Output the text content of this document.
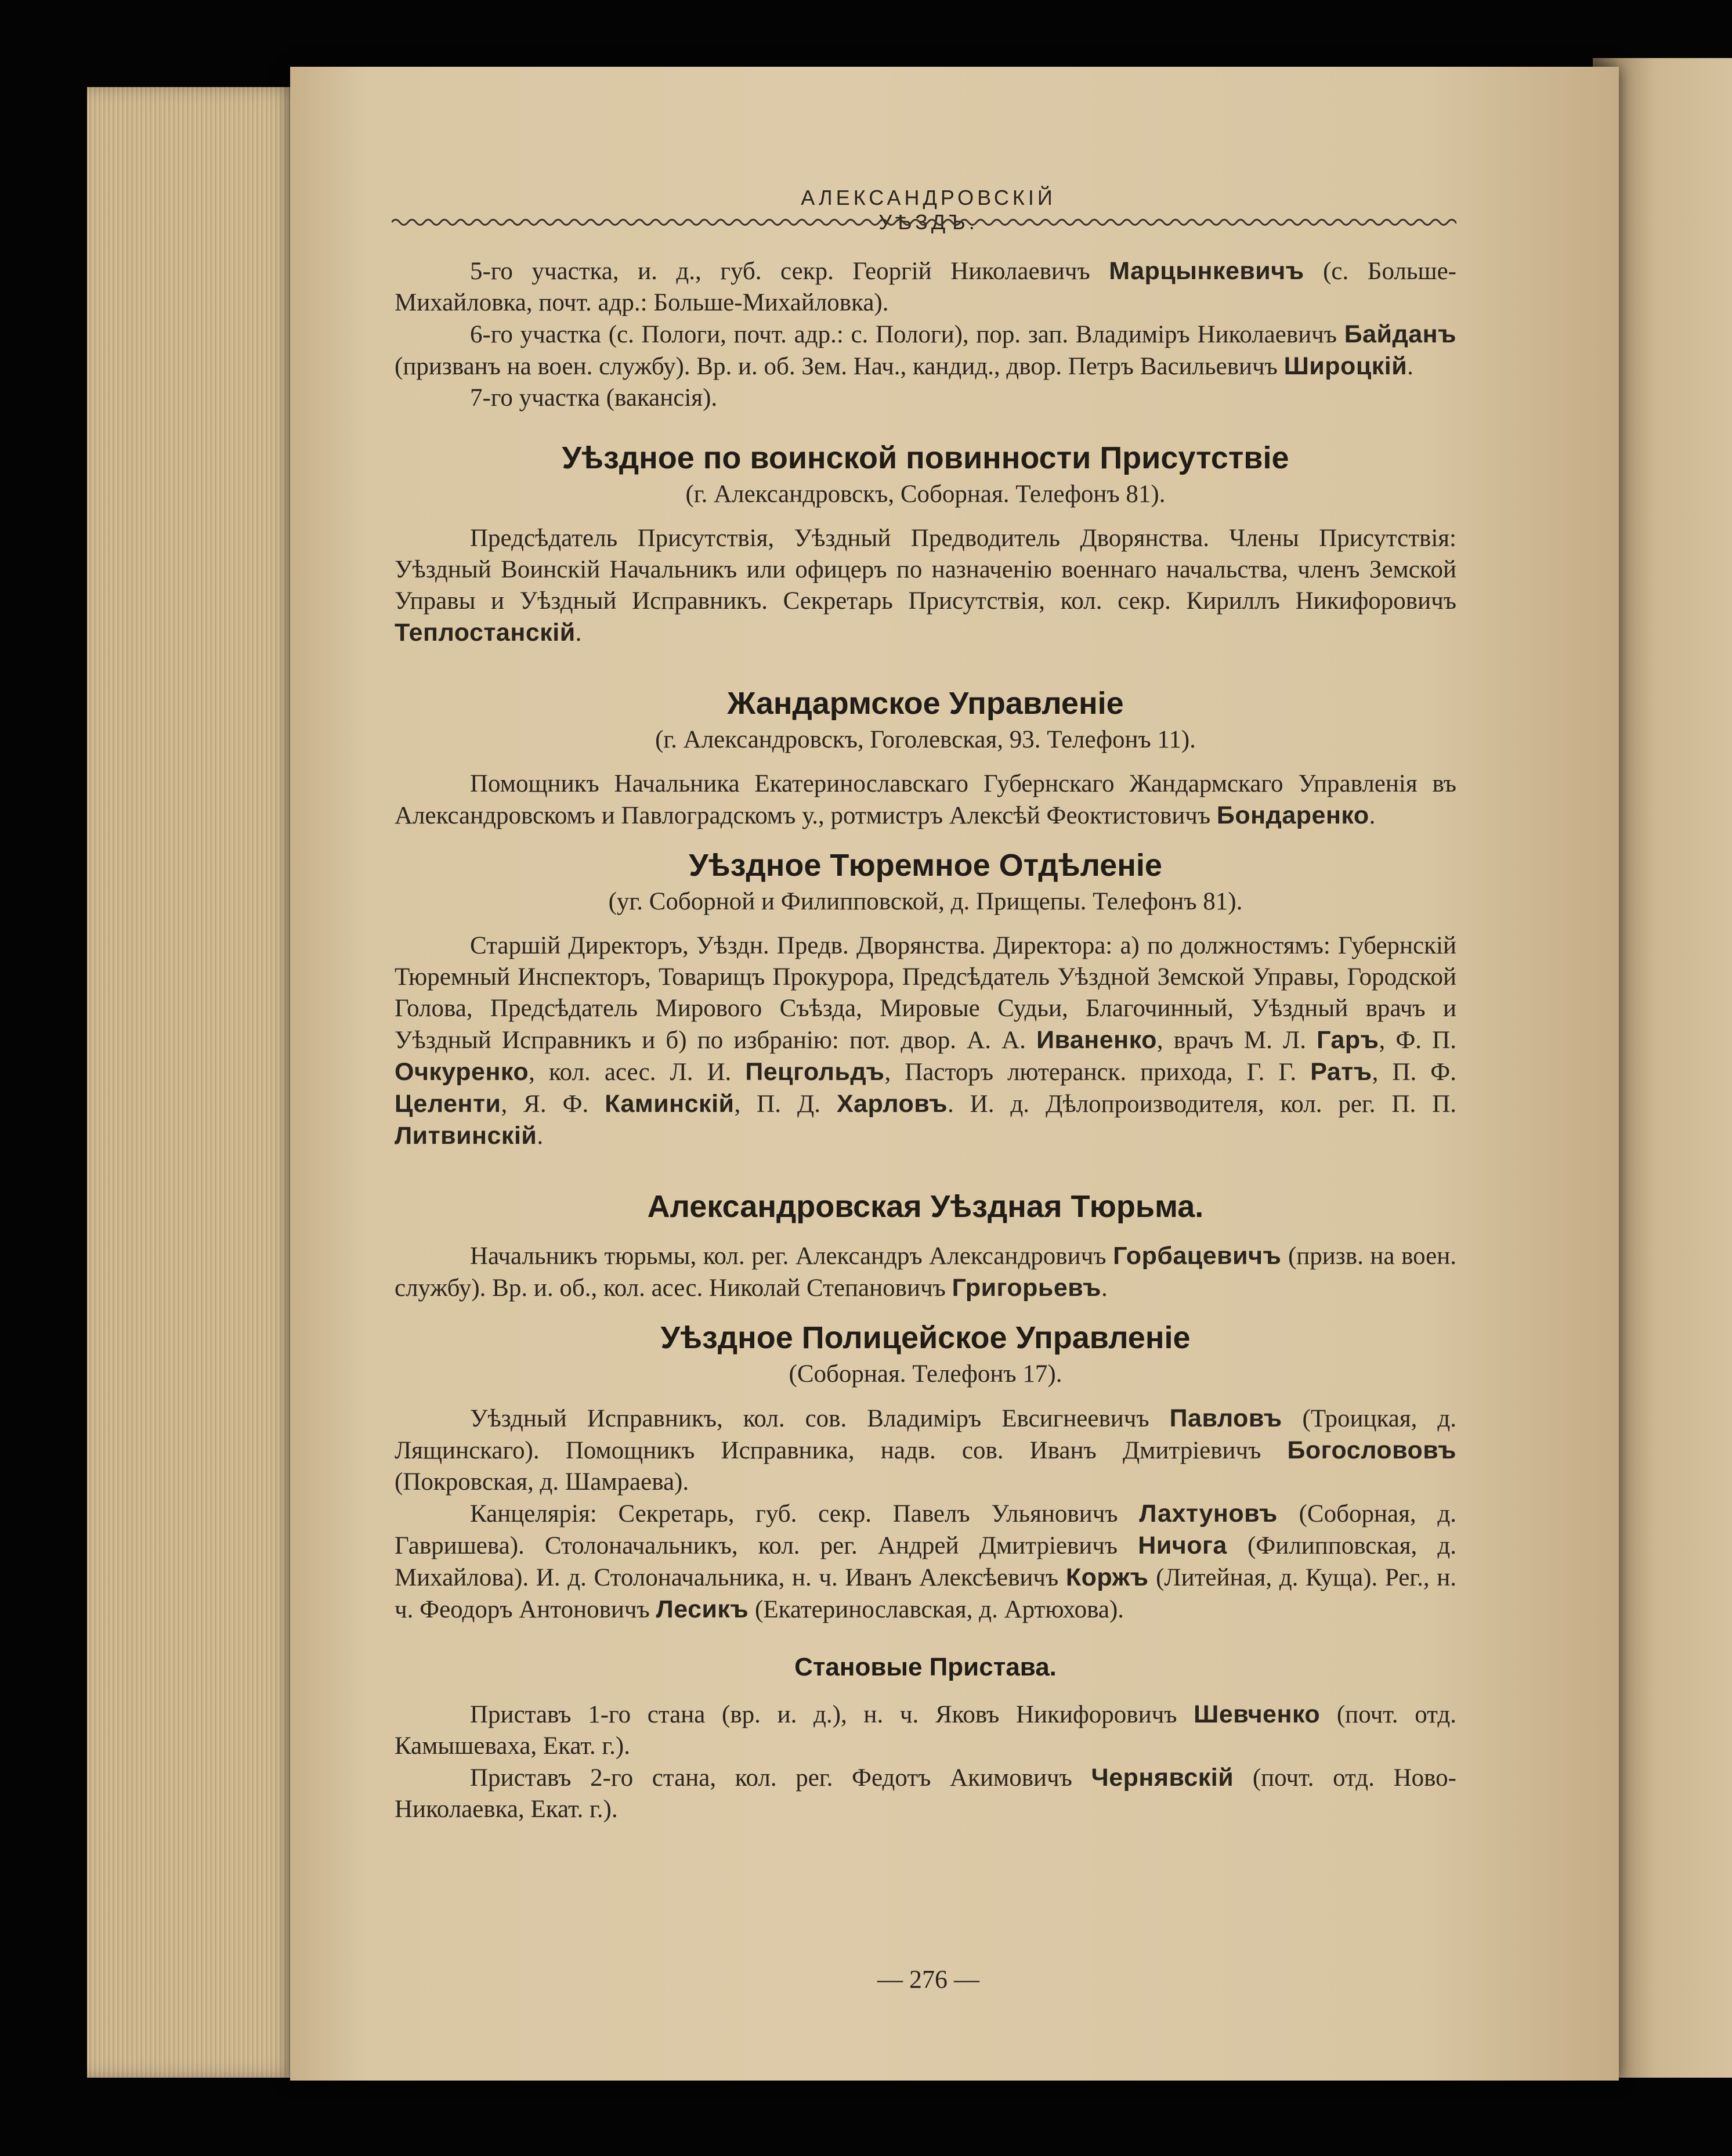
АЛЕКСАНДРОВСКІЙ УѢЗДЪ.

5-го участка, и. д., губ. секр. Георгій Николаевичъ Марцынкевичъ (с. Больше-Михайловка, почт. адр.: Больше-Михайловка).

6-го участка (с. Пологи, почт. адр.: с. Пологи), пор. зап. Владиміръ Николаевичъ Байданъ (призванъ на воен. службу). Вр. и. об. Зем. Нач., кандид., двор. Петръ Васильевичъ Широцкій.

7-го участка (вакансія).

Уѣздное по воинской повинности Присутствіе

(г. Александровскъ, Соборная. Телефонъ 81).

Предсѣдатель Присутствія, Уѣздный Предводитель Дворянства. Члены Присутствія: Уѣздный Воинскій Начальникъ или офицеръ по назначенію военнаго начальства, членъ Земской Управы и Уѣздный Исправникъ. Секретарь Присутствія, кол. секр. Кириллъ Никифоровичъ Теплостанскій.

Жандармское Управленіе

(г. Александровскъ, Гоголевская, 93. Телефонъ 11).

Помощникъ Начальника Екатеринославскаго Губернскаго Жандармскаго Управленія въ Александровскомъ и Павлоградскомъ у., ротмистръ Алексѣй Феоктистовичъ Бондаренко.

Уѣздное Тюремное Отдѣленіе

(уг. Соборной и Филипповской, д. Прищепы. Телефонъ 81).

Старшій Директоръ, Уѣздн. Предв. Дворянства. Директора: а) по должностямъ: Губернскій Тюремный Инспекторъ, Товарищъ Прокурора, Предсѣдатель Уѣздной Земской Управы, Городской Голова, Предсѣдатель Мирового Съѣзда, Мировые Судьи, Благочинный, Уѣздный врачъ и Уѣздный Исправникъ и б) по избранію: пот. двор. А. А. Иваненко, врачъ М. Л. Гаръ, Ф. П. Очкуренко, кол. асес. Л. И. Пецгольдъ, Пасторъ лютеранск. прихода, Г. Г. Ратъ, П. Ф. Целенти, Я. Ф. Каминскій, П. Д. Харловъ. И. д. Дѣлопроизводителя, кол. рег. П. П. Литвинскій.

Александровская Уѣздная Тюрьма.

Начальникъ тюрьмы, кол. рег. Александръ Александровичъ Горбацевичъ (призв. на воен. службу). Вр. и. об., кол. асес. Николай Степановичъ Григорьевъ.

Уѣздное Полицейское Управленіе

(Соборная. Телефонъ 17).

Уѣздный Исправникъ, кол. сов. Владиміръ Евсигнеевичъ Павловъ (Троицкая, д. Лящинскаго). Помощникъ Исправника, надв. сов. Иванъ Дмитріевичъ Богослововъ (Покровская, д. Шамраева).

Канцелярія: Секретарь, губ. секр. Павелъ Ульяновичъ Лахтуновъ (Соборная, д. Гавришева). Столоначальникъ, кол. рег. Андрей Дмитріевичъ Ничога (Филипповская, д. Михайлова). И. д. Столоначальника, н. ч. Иванъ Алексѣевичъ Коржъ (Литейная, д. Куща). Рег., н. ч. Феодоръ Антоновичъ Лесикъ (Екатеринославская, д. Артюхова).

Становые Пристава.

Приставъ 1-го стана (вр. и. д.), н. ч. Яковъ Никифоровичъ Шевченко (почт. отд. Камышеваха, Екат. г.).

Приставъ 2-го стана, кол. рег. Федотъ Акимовичъ Чернявскій (почт. отд. Ново-Николаевка, Екат. г.).

— 276 —
